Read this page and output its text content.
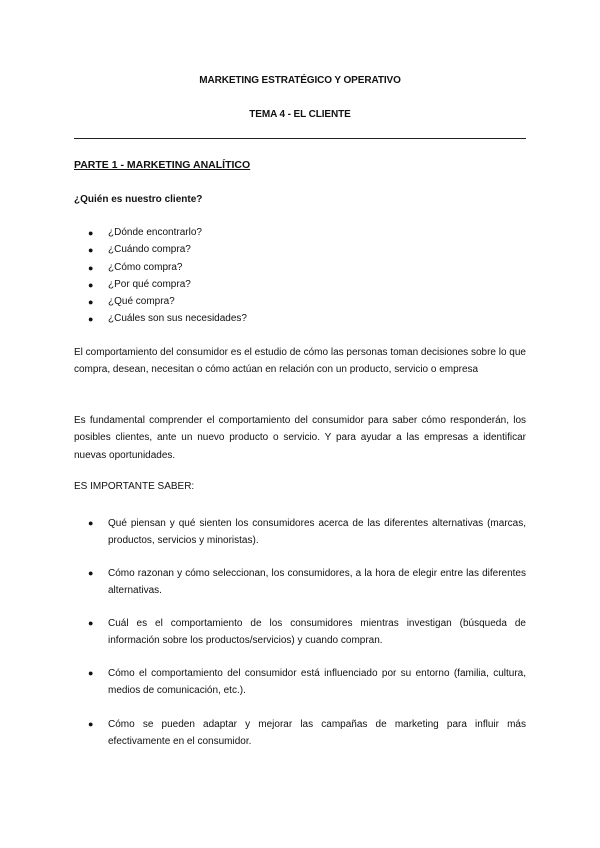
MARKETING ESTRATÉGICO Y OPERATIVO
TEMA 4 - EL CLIENTE
PARTE 1 - MARKETING ANALÍTICO
¿Quién es nuestro cliente?
● ¿Dónde encontrarlo?
● ¿Cuándo compra?
● ¿Cómo compra?
● ¿Por qué compra?
● ¿Qué compra?
● ¿Cuáles son sus necesidades?
El comportamiento del consumidor es el estudio de cómo las personas toman decisiones sobre lo que compra, desean, necesitan o cómo actúan en relación con un producto, servicio o empresa
Es fundamental comprender el comportamiento del consumidor para saber cómo responderán, los posibles clientes, ante un nuevo producto o servicio. Y para ayudar a las empresas a identificar nuevas oportunidades.
ES IMPORTANTE SABER:
● Qué piensan y qué sienten los consumidores acerca de las diferentes alternativas (marcas, productos, servicios y minoristas).
● Cómo razonan y cómo seleccionan, los consumidores, a la hora de elegir entre las diferentes alternativas.
● Cuál es el comportamiento de los consumidores mientras investigan (búsqueda de información sobre los productos/servicios) y cuando compran.
● Cómo el comportamiento del consumidor está influenciado por su entorno (familia, cultura, medios de comunicación, etc.).
● Cómo se pueden adaptar y mejorar las campañas de marketing para influir más efectivamente en el consumidor.
